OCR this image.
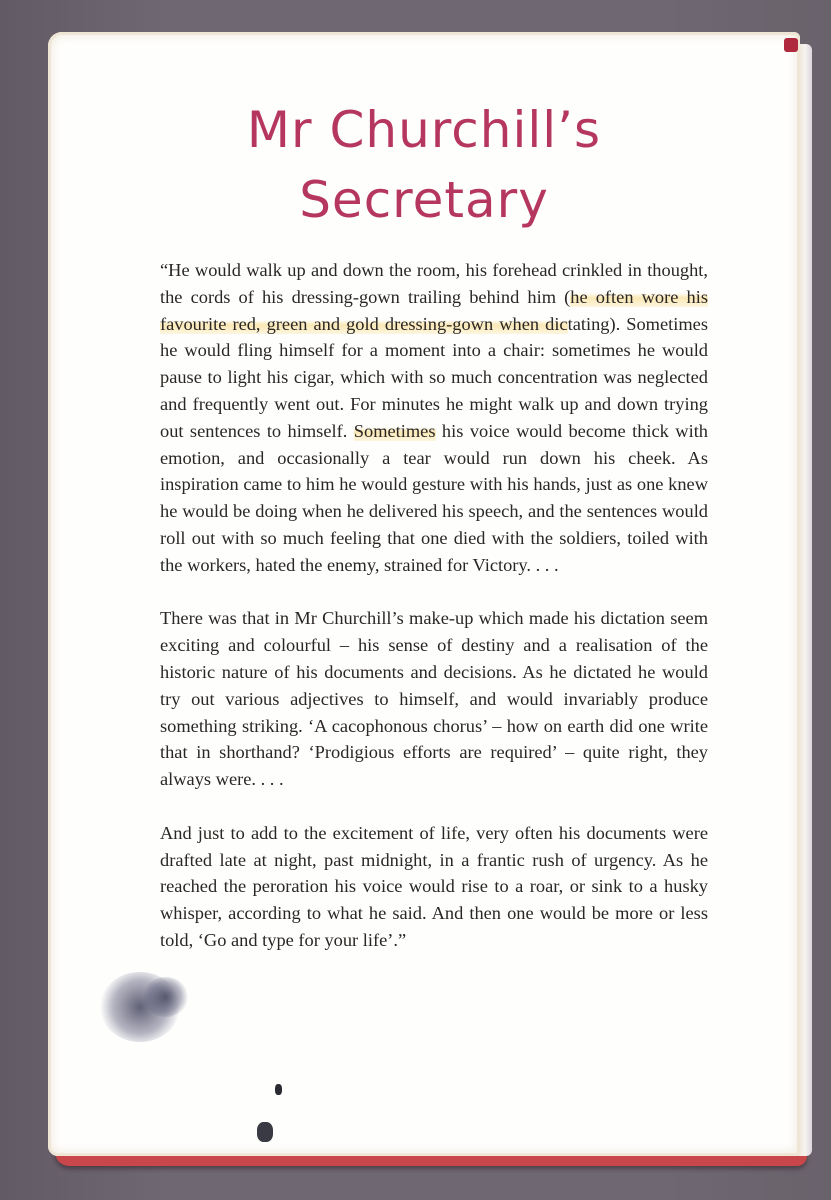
Mr Churchill’s
Secretary

“He would walk up and down the room, his forehead crinkled in thought, the cords of his dressing-gown trailing behind him (he often wore his favourite red, green and gold dressing-gown when dictating). Sometimes he would fling himself for a moment into a chair: sometimes he would pause to light his cigar, which with so much concentration was neglected and frequently went out. For minutes he might walk up and down trying out sentences to himself. Sometimes his voice would become thick with emotion, and occasionally a tear would run down his cheek. As inspiration came to him he would gesture with his hands, just as one knew he would be doing when he delivered his speech, and the sentences would roll out with so much feeling that one died with the soldiers, toiled with the workers, hated the enemy, strained for Victory. . . .

There was that in Mr Churchill’s make-up which made his dictation seem exciting and colourful – his sense of destiny and a realisation of the historic nature of his documents and decisions. As he dictated he would try out various adjectives to himself, and would invariably produce something striking. ‘A cacophonous chorus’ – how on earth did one write that in shorthand? ‘Prodigious efforts are required’ – quite right, they always were. . . .

And just to add to the excitement of life, very often his documents were drafted late at night, past midnight, in a frantic rush of urgency. As he reached the peroration his voice would rise to a roar, or sink to a husky whisper, according to what he said. And then one would be more or less told, ‘Go and type for your life’.”
